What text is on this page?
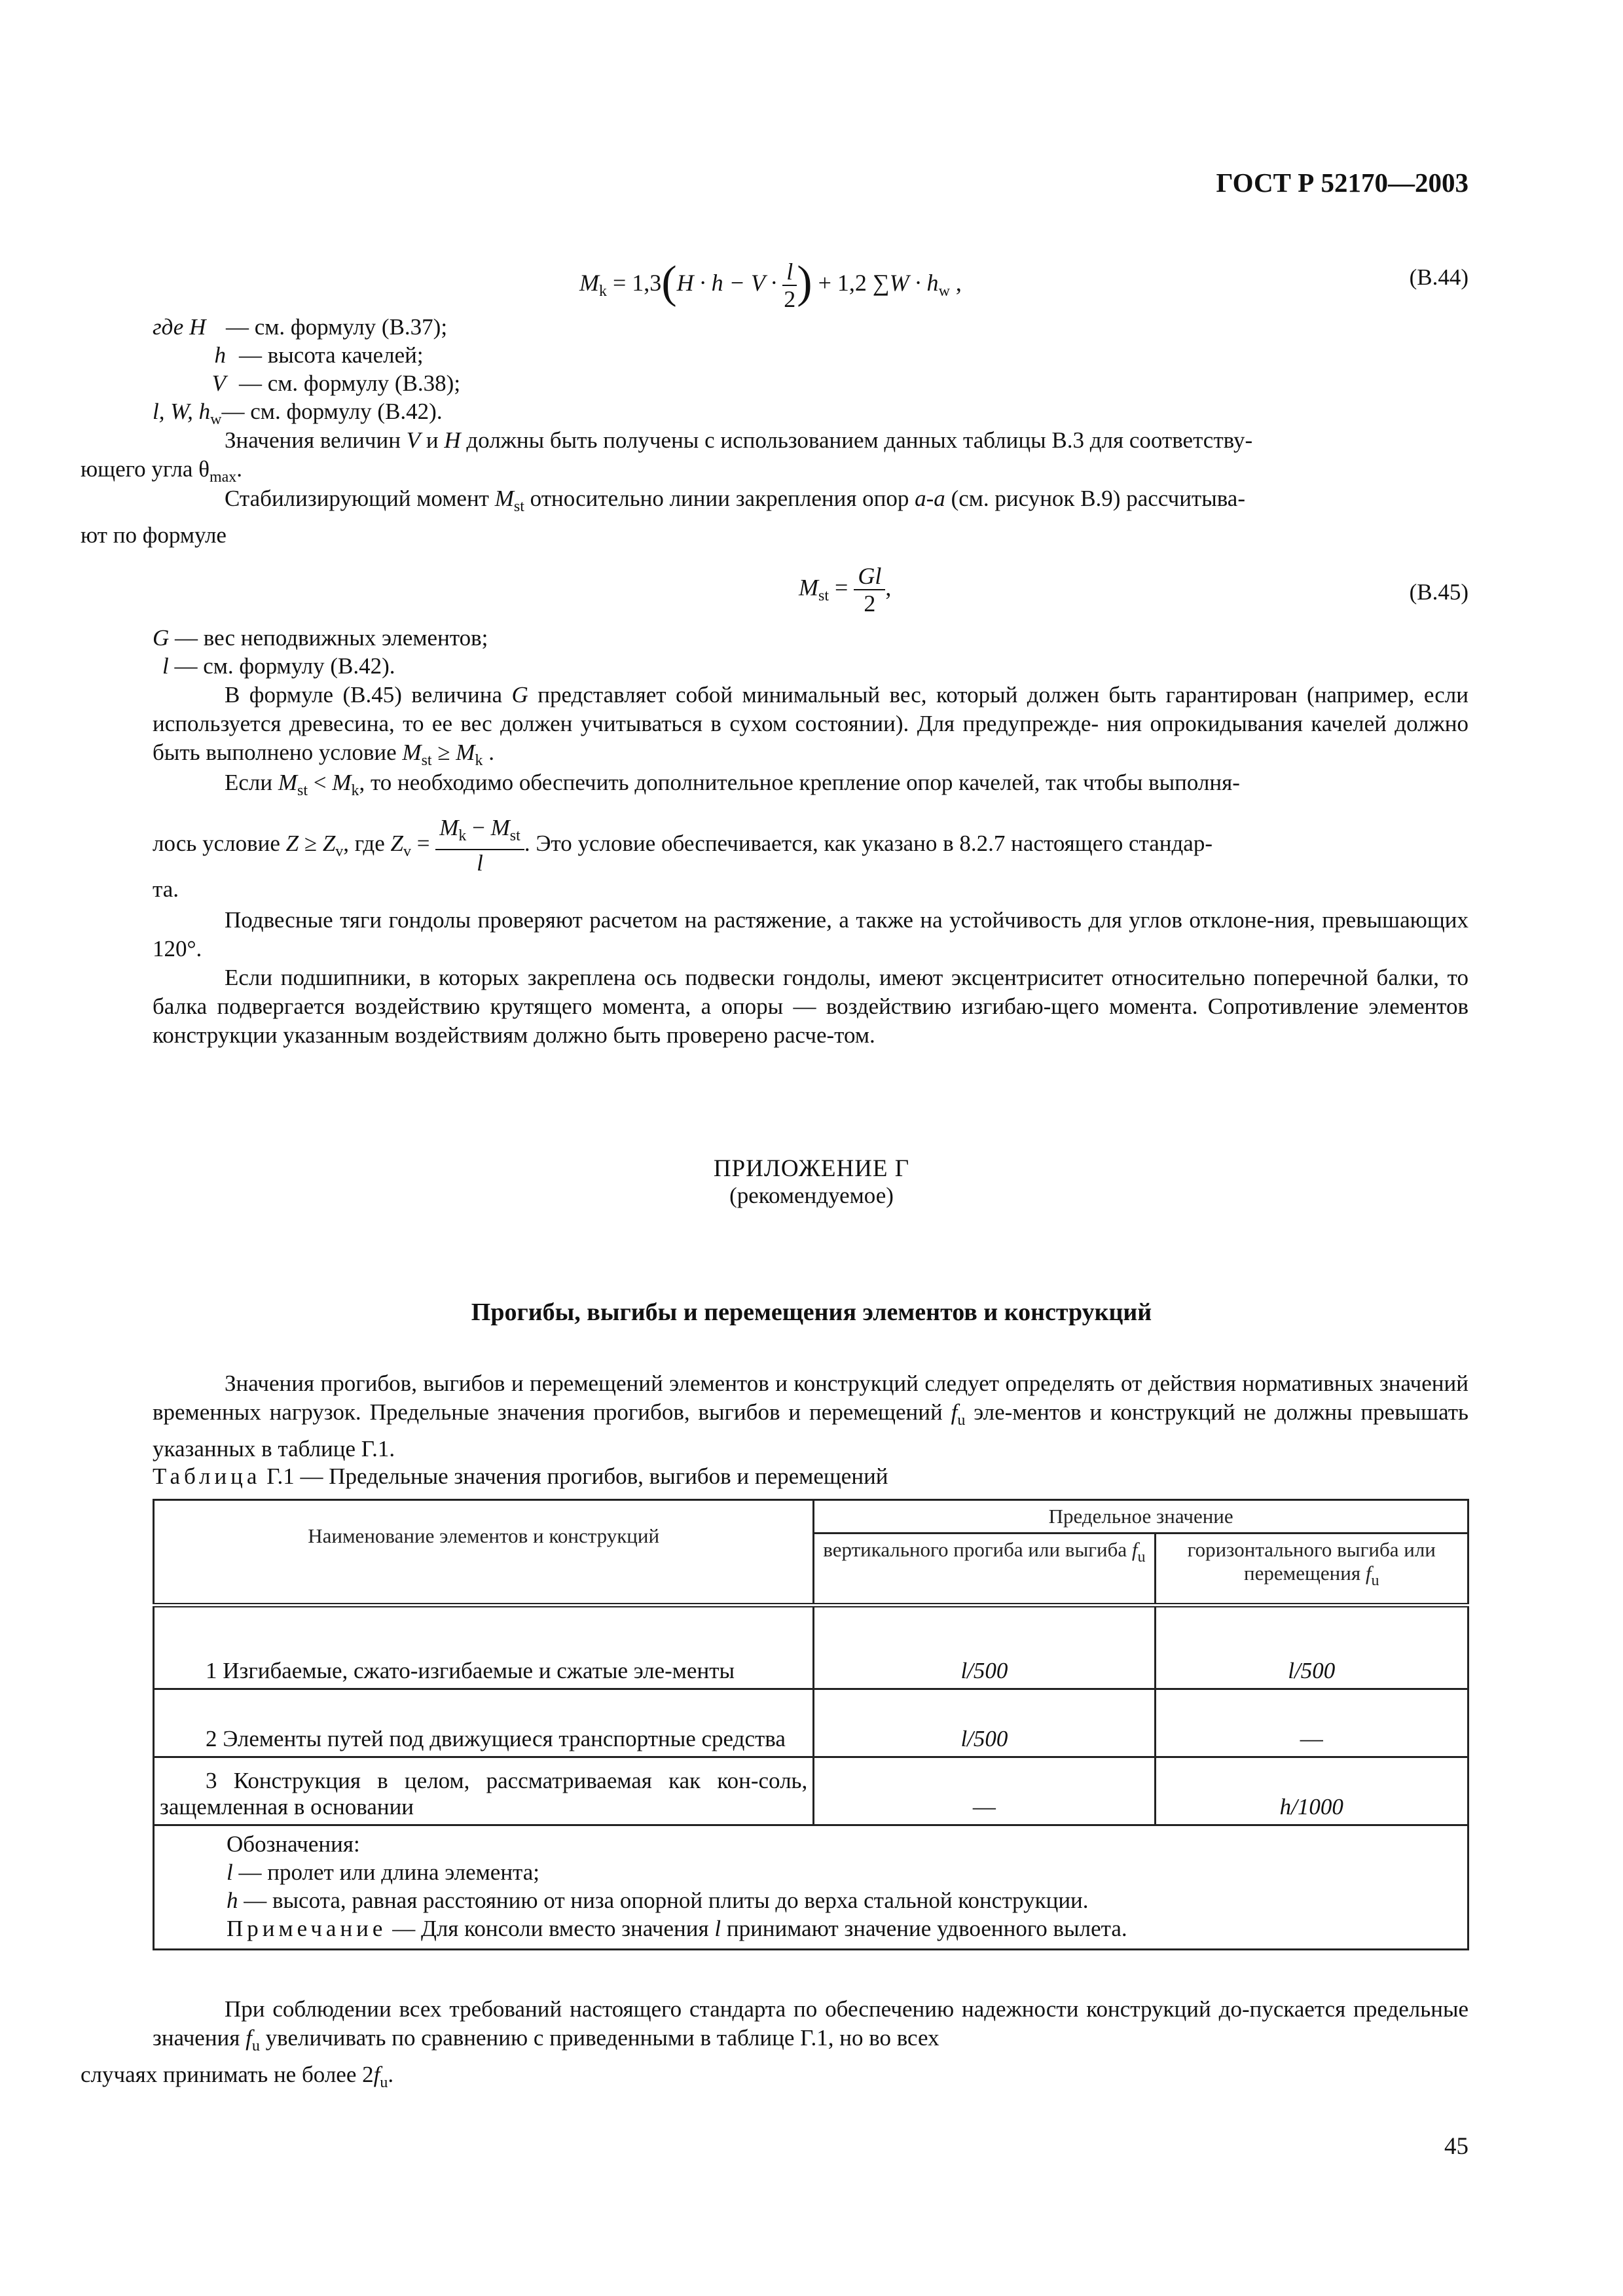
ГОСТ Р 52170—2003
$M_k = 1,3(H \cdot h - V \cdot \frac{l}{2}$ ) + 1,2 $\sum W \cdot h_w$ ,	(В.44)
где H — см. формулу (В.37);
h — высота качелей;
V — см. формулу (В.38);
l, W, $h_w—$ см. формулу (В.42).
Значения величин V и H должны быть получены с использованием данных таблицы В.3 для соответству-
ющего угла $\theta_{max}$.
Стабилизирующий момент $M_{st}$ относительно линии закрепления опор а-а (см. рисунок В.9) рассчитыва-
ют по формуле
$M_{st} = \frac{Gl}{2}$ ,	(В.45)
G — вес неподвижных элементов;
l — см. формулу (В.42).
В формуле (В.45) величина G представляет собой минимальный вес, который должен быть гарантирован (например, если используется древесина, то ее вес должен учитываться в сухом состоянии). Для предупрежде- ния опрокидывания качелей должно быть выполнено условие $M_{st} \ge M_k$ .
Если $M_{st} < M_k$, то необходимо обеспечить дополнительное крепление опор качелей, так чтобы выполня-
лось условие $Z \ge Z_v$, где $Z_v = \frac{M_k - M_{st}}{l}$ . Это условие обеспечивается, как указано в 8.2.7 настоящего стандар-
та.
Подвесные тяги гондолы проверяют расчетом на растяжение, а также на устойчивость для углов отклоне-ния, превышающих 120°.
Если подшипники, в которых закреплена ось подвески гондолы, имеют эксцентриситет относительно поперечной балки, то балка подвергается воздействию крутящего момента, а опоры — воздействию изгибаю-щего момента. Сопротивление элементов конструкции указанным воздействиям должно быть проверено расче-том.
ПРИЛОЖЕНИЕ Г
(рекомендуемое)
Прогибы, выгибы и перемещения элементов и конструкций
Значения прогибов, выгибов и перемещений элементов и конструкций следует определять от действия нормативных значений временных нагрузок. Предельные значения прогибов, выгибов и перемещений $f_u$ эле-ментов и конструкций не должны превышать указанных в таблице Г.1.
Таблица Г.1 — Предельные значения прогибов, выгибов и перемещений
Наименование элементов и конструкций	Предельное значение	
	вертикального прогиба или выгиба $f_u$	горизонтального выгиба или перемещения $f_u$
1 Изгибаемые, сжато-изгибаемые и сжатые эле-менты	l/500	l/500
2 Элементы путей под движущиеся транспортные средства	l/500	—
3 Конструкция в целом, рассматриваемая как кон-соль, защемленная в основании	—	h/1000

Обозначения:
l — пролет или длина элемента;
h — высота, равная расстоянию от низа опорной плиты до верха стальной конструкции.
Примечание — Для консоли вместо значения l принимают значение удвоенного вылета.		
При соблюдении всех требований настоящего стандарта по обеспечению надежности конструкций до-пускается предельные значения $f_u$ увеличивать по сравнению с приведенными в таблице Г.1, но во всех
случаях принимать не более $2f_u$.
45
